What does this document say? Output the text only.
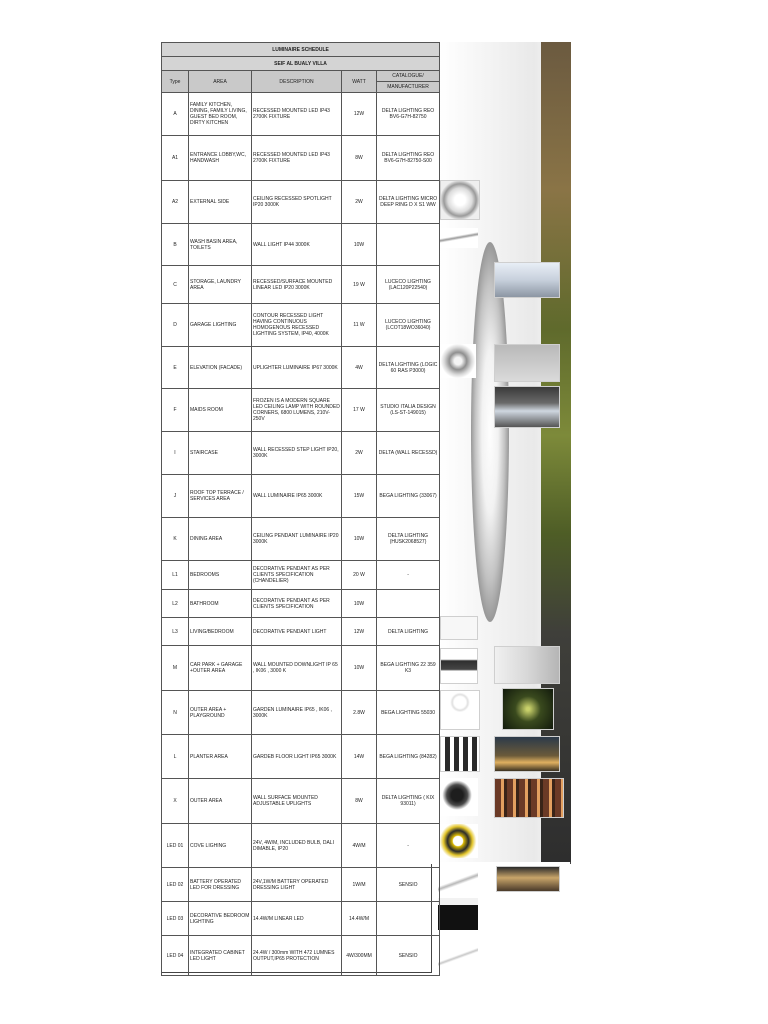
LUMINAIRE SCHEDULE				
SEIF AL BUALY VILLA				
Type	AREA	DESCRIPTION	WATT	CATALOGUE/
				MANUFACTURER
A	FAMILY KITCHEN, DINING, FAMILY LIVING, GUEST BED ROOM, DIRTY KITCHEN	RECESSED MOUNTED LED IP43 2700K FIXTURE	12W	DELTA LIGHTING REO BV6-G7H-82750
A1	ENTRANCE LOBBY,WC, HANDWASH	RECESSED MOUNTED LED IP43 2700K FIXTURE	8W	DELTA LIGHTING REO BV6-G7H-82750-S00
A2	EXTERNAL SIDE	CEILING RECESSED SPOTLIGHT IP20 3000K	2W	DELTA LIGHTING MICRO DEEP RING D X S1 WW
B	WASH BASIN AREA, TOILETS	WALL LIGHT IP44 3000K	10W	
C	STORAGE, LAUNDRY AREA	RECESSED/SURFACE MOUNTED LINEAR LED IP20 3000K	19 W	LUCECO LIGHTING (LAC120P22540)
D	GARAGE LIGHTING	CONTOUR RECESSED LIGHT HAVING CONTINUOUS HOMOGENOUS RECESSED LIGHTING SYSTEM, IP40, 4000K	11 W	LUCECO LIGHTING (LCOT18WO36040)
E	ELEVATION (FACADE)	UPLIGHTER LUMINAIRE IP67 3000K	4W	DELTA LIGHTING (LOGIC 60 RAS P3000)
F	MAIDS ROOM	FROZEN IS A MODERN SQUARE LED CEILING LAMP WITH ROUNDED CORNERS, 6800 LUMENS, 210V-250V	17 W	STUDIO ITALIA DESIGN (LS-ST-149015)
I	STAIRCASE	WALL RECESSED STEP LIGHT IP20, 3000K	2W	DELTA (WALL RECESSD)
J	ROOF TOP TERRACE / SERVICES AREA	WALL LUMINAIRE IP65 3000K	15W	BEGA LIGHTING (33067)
K	DINING AREA	CEILING PENDANT LUMINAIRE IP20 3000K	10W	DELTA LIGHTING (HUSK2068527)
L1	BEDROOMS	DECORATIVE PENDANT AS PER CLIENTS SPECIFICATION (CHANDELIER)	20 W	-
L2	BATHROOM	DECORATIVE PENDANT AS PER CLIENTS SPECIFICATION	10W	
L3	LIVING/BEDROOM	DECORATIVE PENDANT LIGHT	12W	DELTA LIGHTING
M	CAR PARK + GARAGE +OUTER AREA	WALL MOUNTED DOWNLIGHT IP 65 , IK06 , 3000 K	10W	BEGA LIGHTING 22 359 K3
N	OUTER AREA + PLAYGROUND	GARDEN LUMINAIRE IP65 , IK06 , 3000K	2.8W	BEGA LIGHTING 55030
L	PLANTER AREA	GARDEB FLOOR LIGHT IP65 3000K	14W	BEGA LIGHTING (84282)
X	OUTER AREA	WALL SURFACE MOUNTED ADJUSTABLE UPLIGHTS	8W	DELTA LIGHTING ( KIX 93011)
LED 01	COVE LIGHING	24V, 4W/M, INCLUDED BULB, DALI DIMABLE, IP20	4W/M	-
LED 02	BATTERY OPERATED LED FOR DRESSING	24V,1W/M BATTERY OPERATED DRESSING LIGHT	1W/M	SENSIO
LED 03	DECORATIVE BEDROOM LIGHTING	14.4W/M LINEAR LED	14.4W/M	
LED 04	INTEGRATED CABINET LED LIGHT	24.4W / 300mm WITH 472 LUMNES OUTPUT,IP65 PROTECTION	4W/300MM	SENSIO
